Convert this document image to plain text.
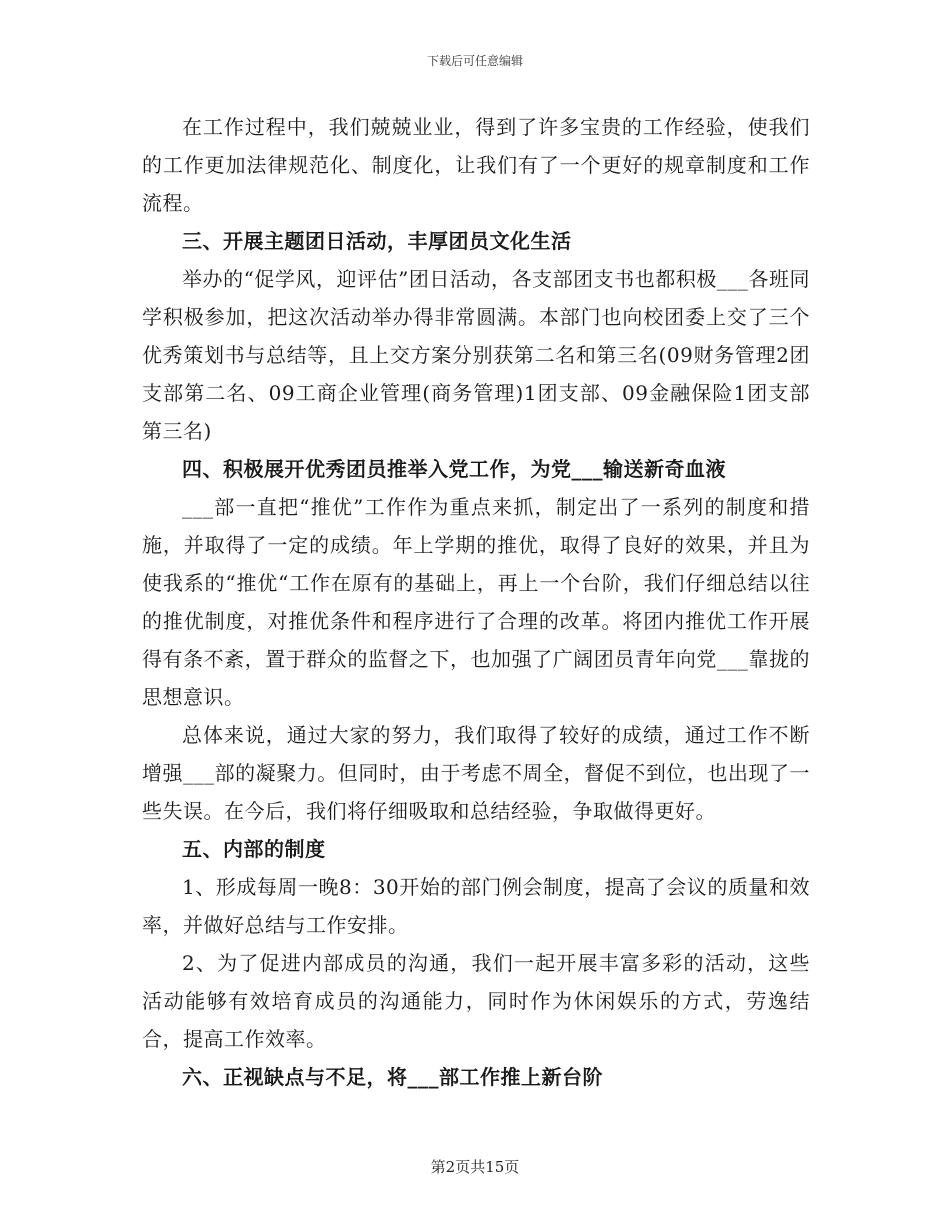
下载后可任意编辑

在工作过程中，我们兢兢业业，得到了许多宝贵的工作经验，使我们的工作更加法律规范化、制度化，让我们有了一个更好的规章制度和工作流程。

三、开展主题团日活动，丰厚团员文化生活

举办的“促学风，迎评估”团日活动，各支部团支书也都积极___各班同学积极参加，把这次活动举办得非常圆满。本部门也向校团委上交了三个优秀策划书与总结等，且上交方案分别获第二名和第三名(09财务管理2团支部第二名、09工商企业管理(商务管理)1团支部、09金融保险1团支部第三名)

四、积极展开优秀团员推举入党工作，为党___输送新奇血液

___部一直把“推优”工作作为重点来抓，制定出了一系列的制度和措施，并取得了一定的成绩。年上学期的推优，取得了良好的效果，并且为使我系的“推优“工作在原有的基础上，再上一个台阶，我们仔细总结以往的推优制度，对推优条件和程序进行了合理的改革。将团内推优工作开展得有条不紊，置于群众的监督之下，也加强了广阔团员青年向党___靠拢的思想意识。

总体来说，通过大家的努力，我们取得了较好的成绩，通过工作不断增强___部的凝聚力。但同时，由于考虑不周全，督促不到位，也出现了一些失误。在今后，我们将仔细吸取和总结经验，争取做得更好。

五、内部的制度

1、形成每周一晚8：30开始的部门例会制度，提高了会议的质量和效率，并做好总结与工作安排。

2、为了促进内部成员的沟通，我们一起开展丰富多彩的活动，这些活动能够有效培育成员的沟通能力，同时作为休闲娱乐的方式，劳逸结合，提高工作效率。

六、正视缺点与不足，将___部工作推上新台阶

第2页共15页
